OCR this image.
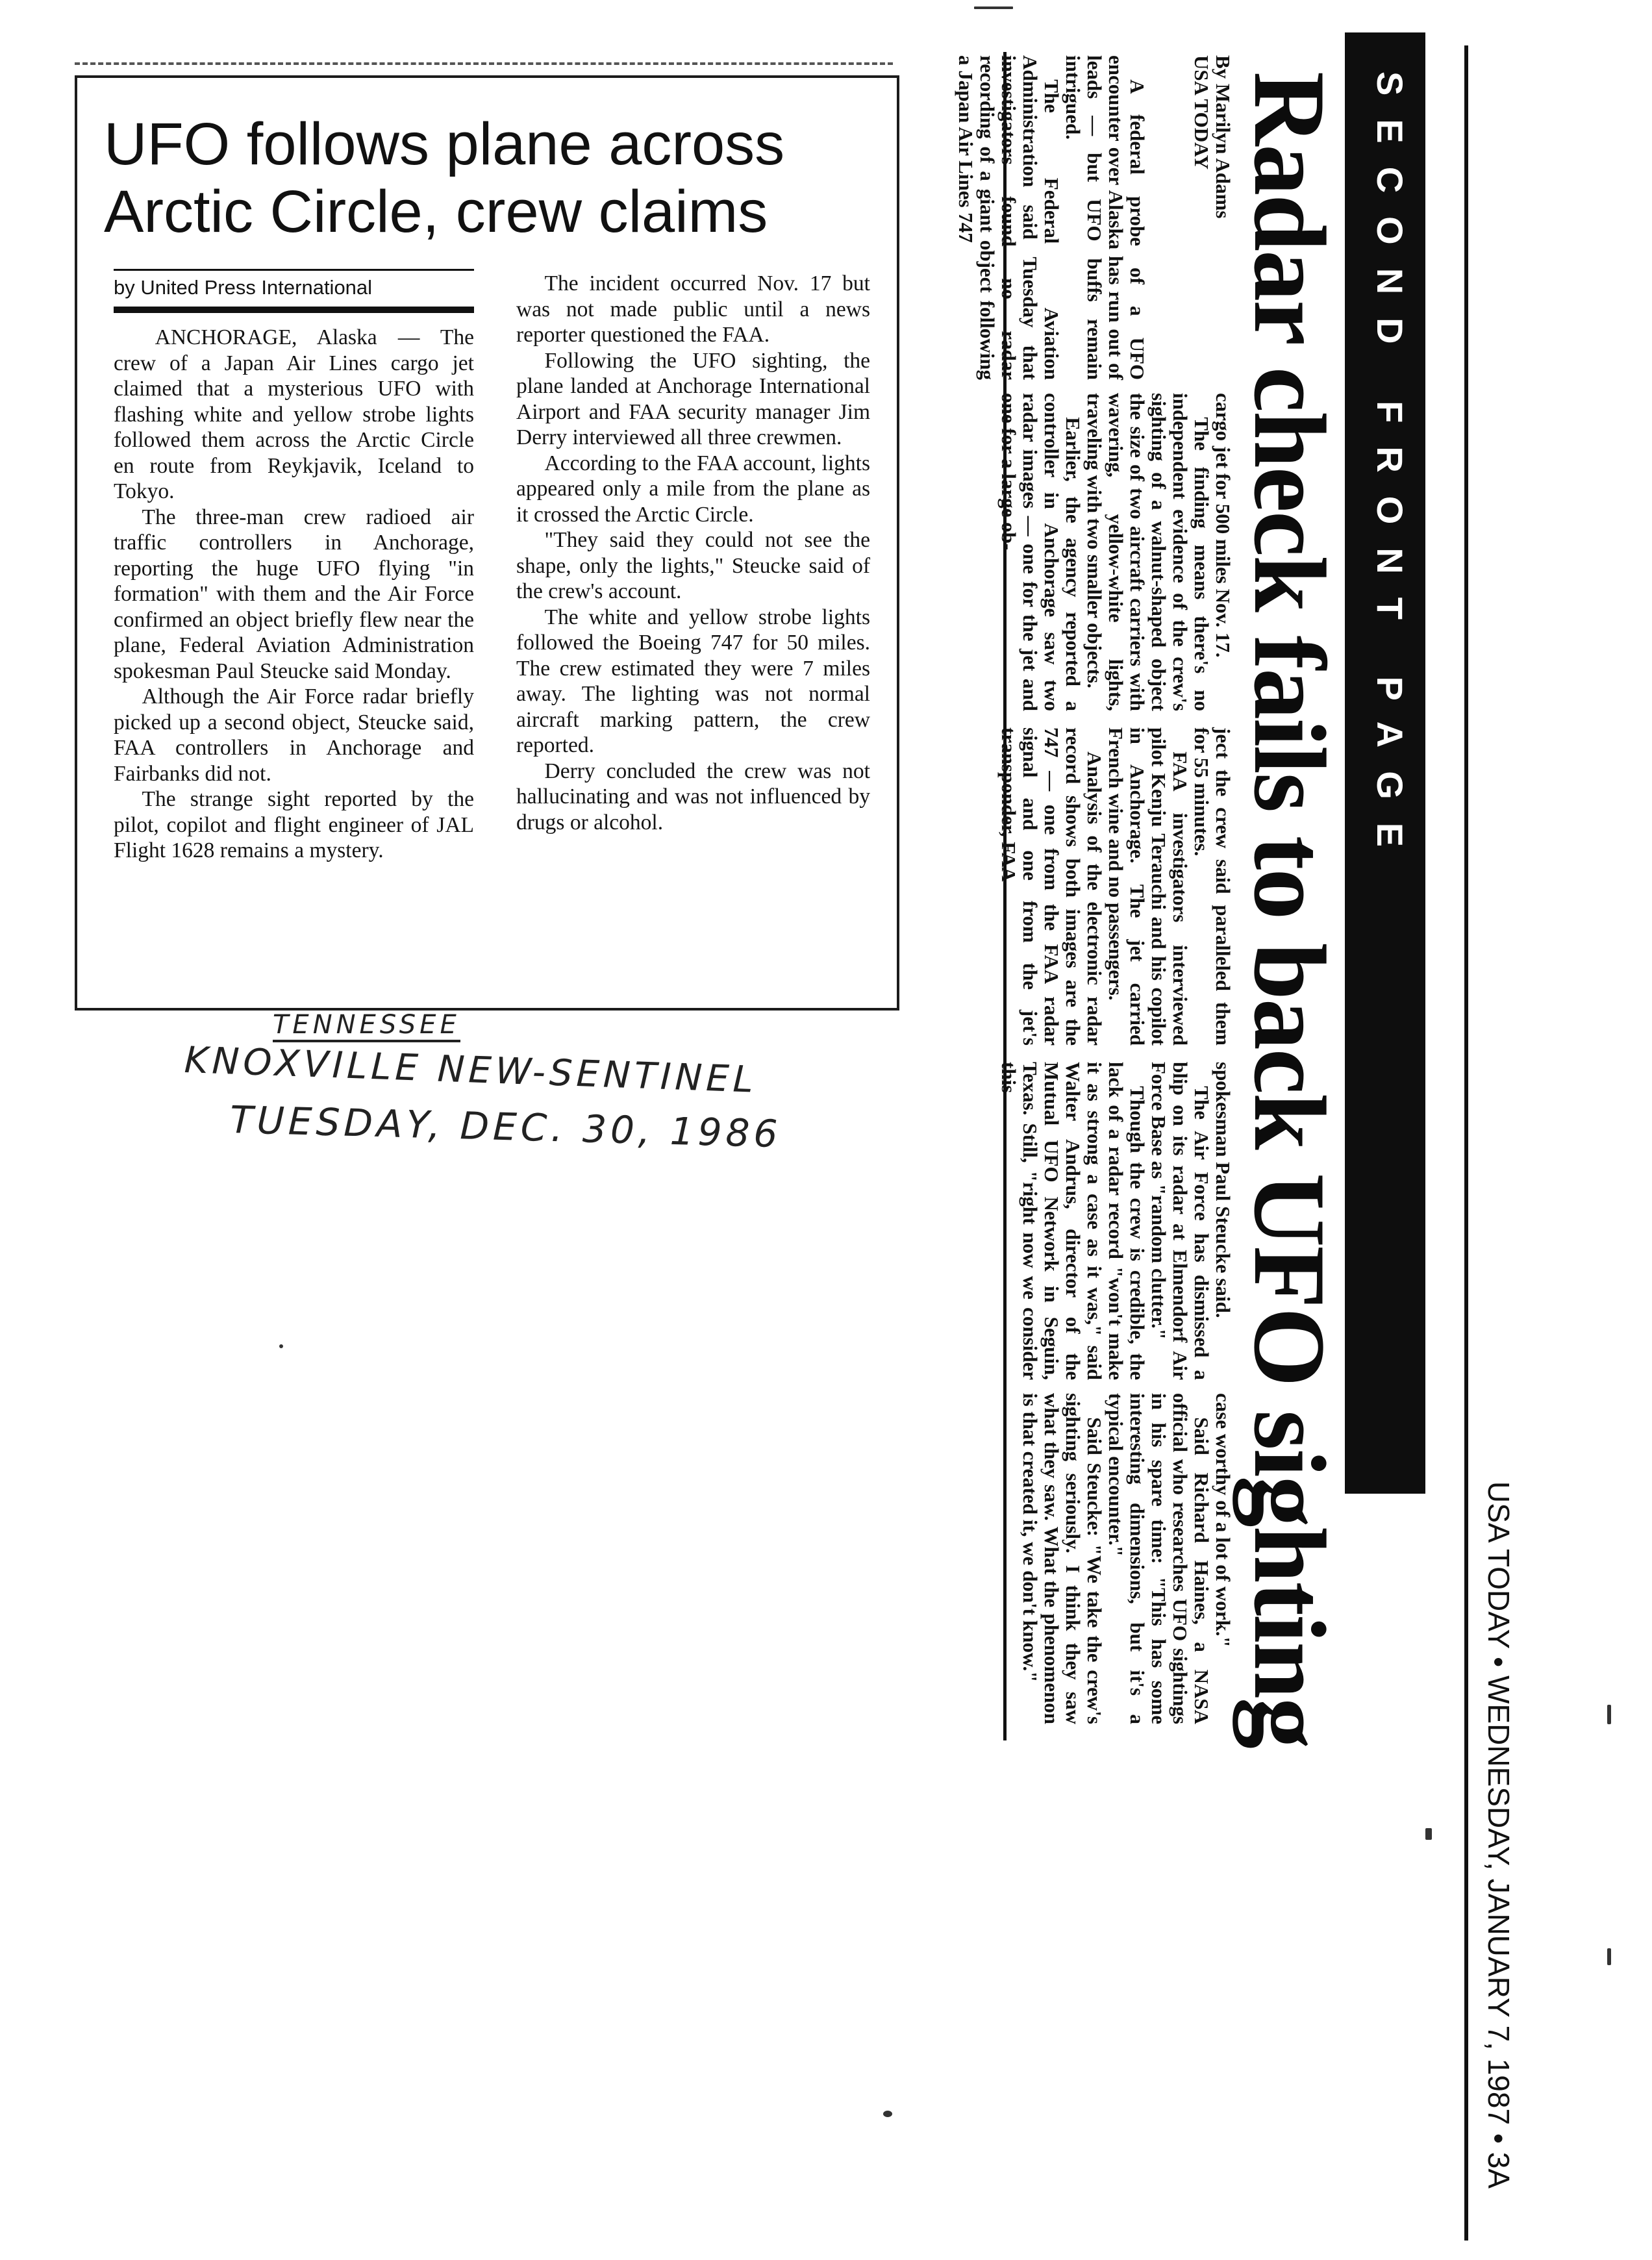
UFO follows plane across Arctic Circle, crew claims
by United Press International

ANCHORAGE, Alaska — The crew of a Japan Air Lines cargo jet claimed that a mysterious UFO with flashing white and yellow strobe lights followed them across the Arctic Circle en route from Reykjavik, Iceland to Tokyo.

The three-man crew radioed air traffic controllers in Anchorage, reporting the huge UFO flying "in formation" with them and the Air Force confirmed an object briefly flew near the plane, Federal Aviation Administration spokesman Paul Steucke said Monday.

Although the Air Force radar briefly picked up a second object, Steucke said, FAA controllers in Anchorage and Fairbanks did not.

The strange sight reported by the pilot, copilot and flight engineer of JAL Flight 1628 remains a mystery.

The incident occurred Nov. 17 but was not made public until a news reporter questioned the FAA.

Following the UFO sighting, the plane landed at Anchorage International Airport and FAA security manager Jim Derry interviewed all three crewmen.

According to the FAA account, lights appeared only a mile from the plane as it crossed the Arctic Circle.

"They said they could not see the shape, only the lights," Steucke said of the crew's account.

The white and yellow strobe lights followed the Boeing 747 for 50 miles. The crew estimated they were 7 miles away. The lighting was not normal aircraft marking pattern, the crew reported.

Derry concluded the crew was not hallucinating and was not influenced by drugs or alcohol.

TENNESSEE
KNOXVILLE NEW-SENTINEL
TUESDAY, DEC. 30, 1986
USA TODAY • WEDNESDAY, JANUARY 7, 1987 • 3A
SECOND FRONT PAGE
Radar check fails to back UFO sighting

By Marilyn Adams

USA TODAY

A federal probe of a UFO encounter over Alaska has run out of leads — but UFO buffs remain intrigued.

The Federal Aviation Administration said Tuesday that investigators found no radar recording of a giant object following a Japan Air Lines 747

cargo jet for 500 miles Nov. 17.

The finding means there's no independent evidence of the crew's sighting of a walnut-shaped object the size of two aircraft carriers with wavering, yellow-white lights, traveling with two smaller objects.

Earlier, the agency reported a controller in Anchorage saw two radar images — one for the jet and one for a large ob-

ject the crew said paralleled them for 55 minutes.

FAA investigators interviewed pilot Kenju Terauchi and his copilot in Anchorage. The jet carried French wine and no passengers.

Analysis of the electronic radar record shows both images are the 747 — one from the FAA radar signal and one from the jet's transponder, FAA

spokesman Paul Steucke said.

The Air Force has dismissed a blip on its radar at Elmendorf Air Force Base as "random clutter."

Though the crew is credible, the lack of a radar record "won't make it as strong a case as it was," said Walter Andrus, director of the Mutual UFO Network in Seguin, Texas. Still, "right now we consider this

case worthy of a lot of work."

Said Richard Haines, a NASA official who researches UFO sightings in his spare time: "This has some interesting dimensions, but it's a typical encounter."

Said Steucke: "We take the crew's sighting seriously. I think they saw what they saw. What the phenomenon is that created it, we don't know."
